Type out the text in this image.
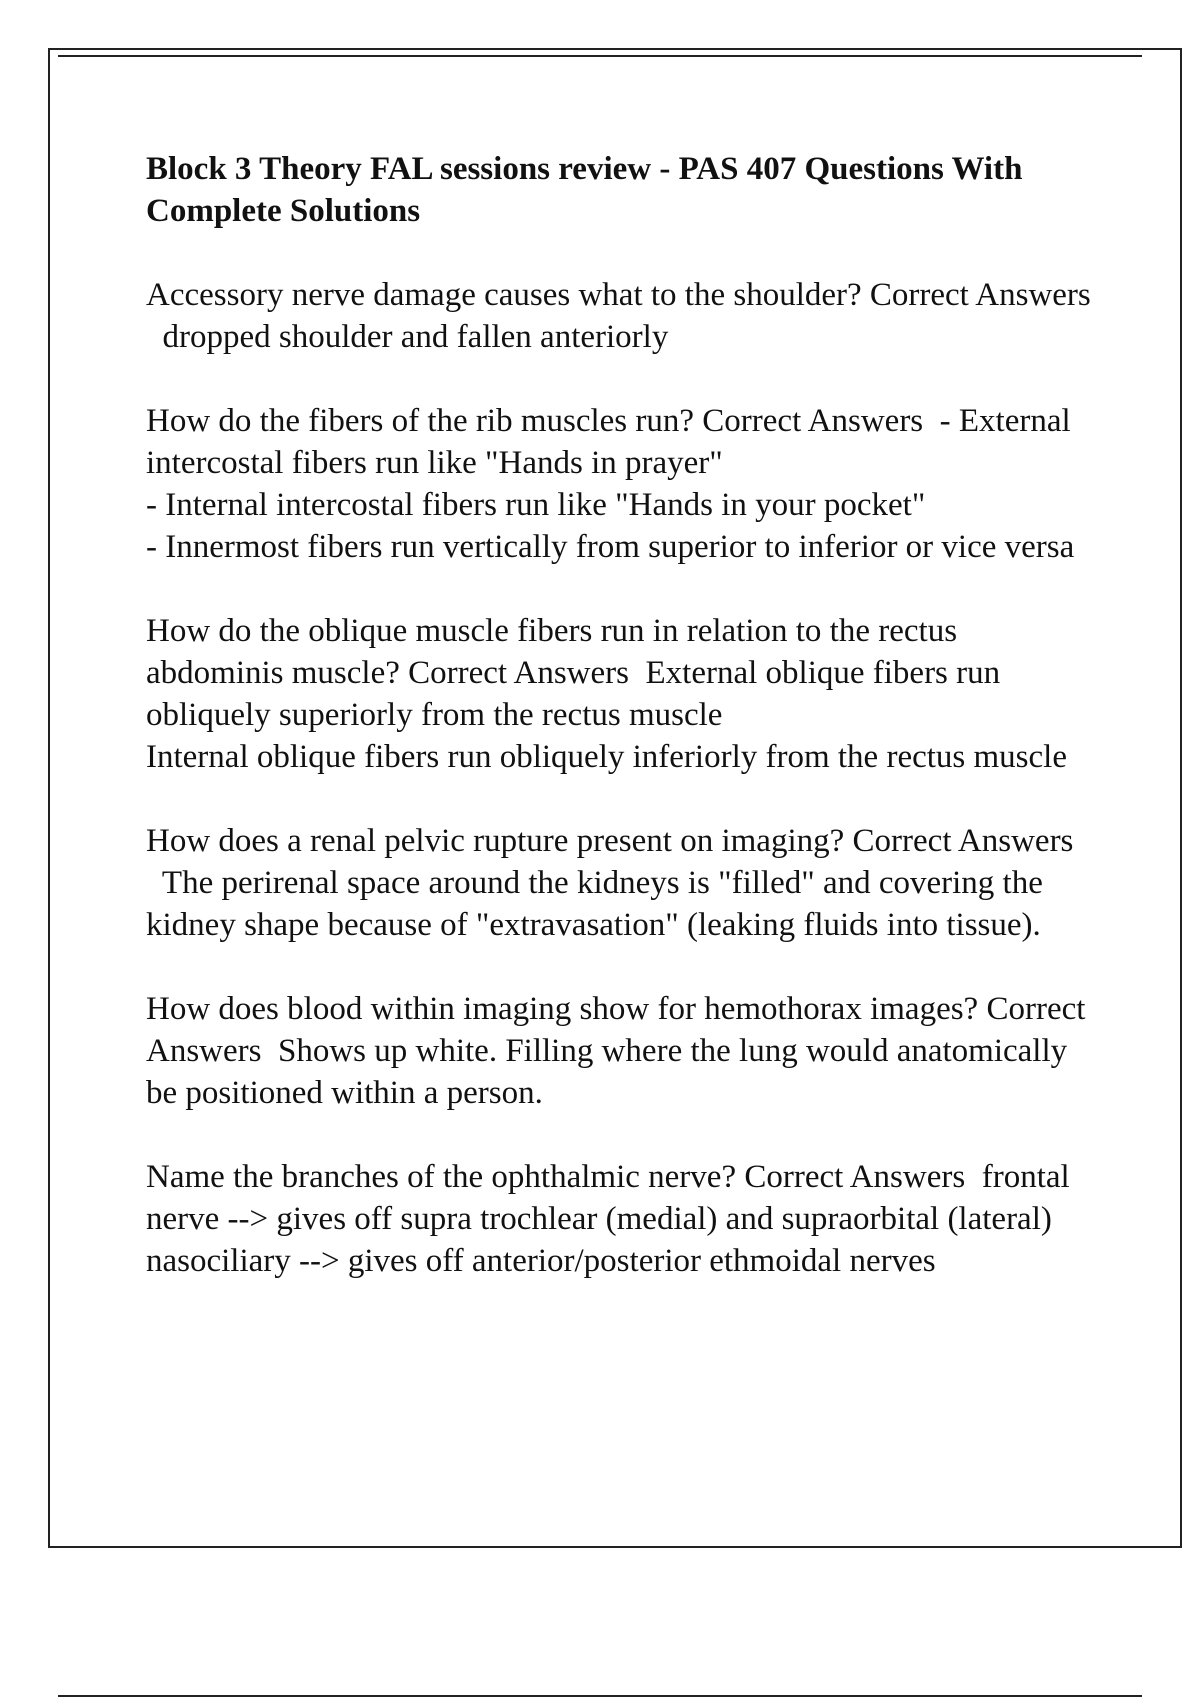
Block 3 Theory FAL sessions review - PAS 407 Questions With Complete Solutions
Accessory nerve damage causes what to the shoulder? Correct Answers  dropped shoulder and fallen anteriorly
How do the fibers of the rib muscles run? Correct Answers - External intercostal fibers run like "Hands in prayer"
- Internal intercostal fibers run like "Hands in your pocket"
- Innermost fibers run vertically from superior to inferior or vice versa
How do the oblique muscle fibers run in relation to the rectus abdominis muscle? Correct Answers External oblique fibers run obliquely superiorly from the rectus muscle
Internal oblique fibers run obliquely inferiorly from the rectus muscle
How does a renal pelvic rupture present on imaging? Correct Answers  The perirenal space around the kidneys is "filled" and covering the kidney shape because of "extravasation" (leaking fluids into tissue).
How does blood within imaging show for hemothorax images? Correct Answers Shows up white. Filling where the lung would anatomically be positioned within a person.
Name the branches of the ophthalmic nerve? Correct Answers frontal nerve --> gives off supra trochlear (medial) and supraorbital (lateral)
nasociliary --> gives off anterior/posterior ethmoidal nerves
